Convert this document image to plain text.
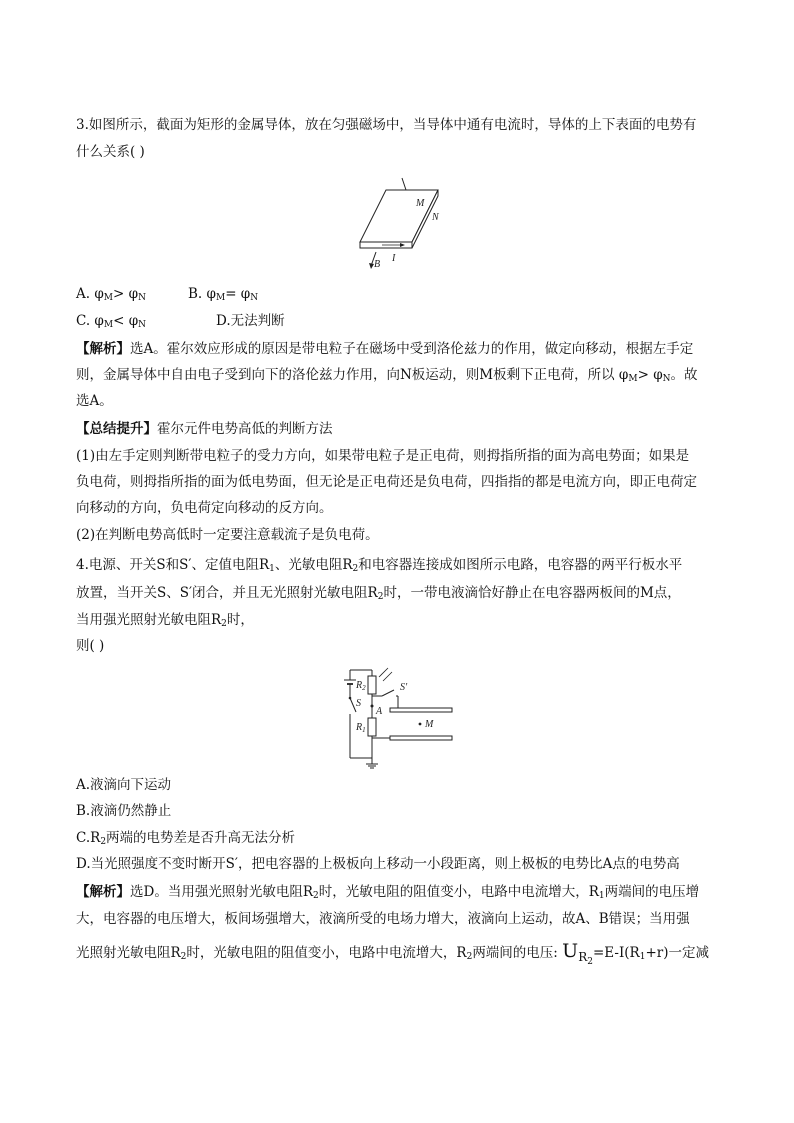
3.如图所示，截面为矩形的金属导体，放在匀强磁场中，当导体中通有电流时，导体的上下表面的电势有
什么关系( )
M
N
B
I
A. $\varphi_M> \varphi_N$	B. $\varphi_M= \varphi_N$
C. $\varphi_M< \varphi_N$	D.无法判断
【解析】选A。霍尔效应形成的原因是带电粒子在磁场中受到洛伦兹力的作用，做定向移动，根据左手定
则，金属导体中自由电子受到向下的洛伦兹力作用，向N板运动，则M板剩下正电荷，所以 $\varphi_M> \varphi_N$。故
选A。
【总结提升】霍尔元件电势高低的判断方法
(1)由左手定则判断带电粒子的受力方向，如果带电粒子是正电荷，则拇指所指的面为高电势面；如果是
负电荷，则拇指所指的面为低电势面，但无论是正电荷还是负电荷，四指指的都是电流方向，即正电荷定
向移动的方向，负电荷定向移动的反方向。
(2)在判断电势高低时一定要注意载流子是负电荷。
4.电源、开关S和S′、定值电阻$R_1$、光敏电阻$R_2$和电容器连接成如图所示电路，电容器的两平行板水平
放置，当开关S、S′闭合，并且无光照射光敏电阻$R_2$时，一带电液滴恰好静止在电容器两板间的M点，
当用强光照射光敏电阻$R_2$时，
则( )
$R_2$
$R_1$
S
S′
A
M
A.液滴向下运动
B.液滴仍然静止
$C.R_2$两端的电势差是否升高无法分析
D.当光照强度不变时断开S′，把电容器的上极板向上移动一小段距离，则上极板的电势比A点的电势高
【解析】选D。当用强光照射光敏电阻$R_2$时，光敏电阻的阻值变小，电路中电流增大，$R_1$两端间的电压增
大，电容器的电压增大，板间场强增大，液滴所受的电场力增大，液滴向上运动，故A、B错误；当用强
光照射光敏电阻$R_2$时，光敏电阻的阻值变小，电路中电流增大，$R_2$两端间的电压: $U_{R2}=E-I(R_1+r)$一定减
